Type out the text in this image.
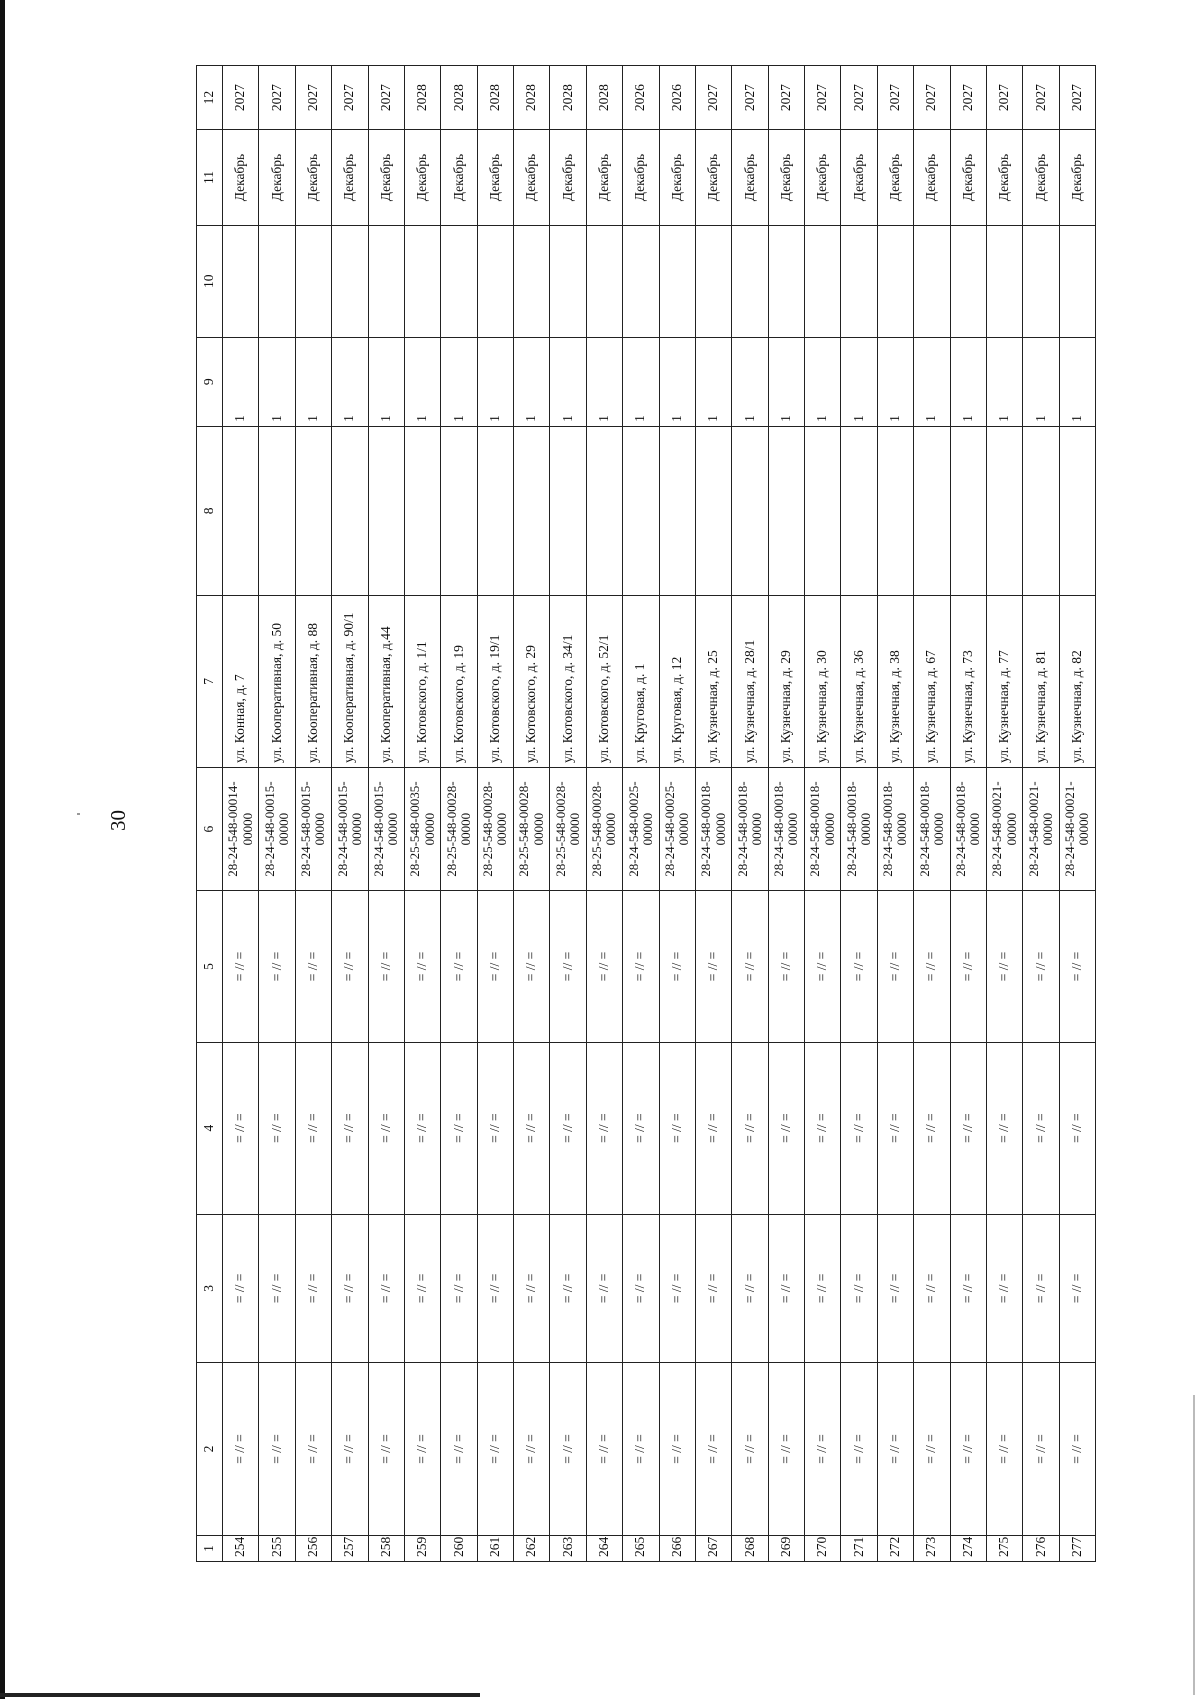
30
1	2	3	4	5	6	7	8	9	10	11	12
254	= // =	= // =	= // =	= // =	28-24-548-00014-00000	ул. Конная, д. 7		1		Декабрь	2027
255	= // =	= // =	= // =	= // =	28-24-548-00015-00000	ул. Кооперативная, д. 50		1		Декабрь	2027
256	= // =	= // =	= // =	= // =	28-24-548-00015-00000	ул. Кооперативная, д. 88		1		Декабрь	2027
257	= // =	= // =	= // =	= // =	28-24-548-00015-00000	ул. Кооперативная, д. 90/1		1		Декабрь	2027
258	= // =	= // =	= // =	= // =	28-24-548-00015-00000	ул. Кооперативная, д.44		1		Декабрь	2027
259	= // =	= // =	= // =	= // =	28-25-548-00035-00000	ул. Котовского, д. 1/1		1		Декабрь	2028
260	= // =	= // =	= // =	= // =	28-25-548-00028-00000	ул. Котовского, д. 19		1		Декабрь	2028
261	= // =	= // =	= // =	= // =	28-25-548-00028-00000	ул. Котовского, д. 19/1		1		Декабрь	2028
262	= // =	= // =	= // =	= // =	28-25-548-00028-00000	ул. Котовского, д. 29		1		Декабрь	2028
263	= // =	= // =	= // =	= // =	28-25-548-00028-00000	ул. Котовского, д. 34/1		1		Декабрь	2028
264	= // =	= // =	= // =	= // =	28-25-548-00028-00000	ул. Котовского, д. 52/1		1		Декабрь	2028
265	= // =	= // =	= // =	= // =	28-24-548-00025-00000	ул. Круговая, д. 1		1		Декабрь	2026
266	= // =	= // =	= // =	= // =	28-24-548-00025-00000	ул. Круговая, д. 12		1		Декабрь	2026
267	= // =	= // =	= // =	= // =	28-24-548-00018-00000	ул. Кузнечная, д. 25		1		Декабрь	2027
268	= // =	= // =	= // =	= // =	28-24-548-00018-00000	ул. Кузнечная, д. 28/1		1		Декабрь	2027
269	= // =	= // =	= // =	= // =	28-24-548-00018-00000	ул. Кузнечная, д. 29		1		Декабрь	2027
270	= // =	= // =	= // =	= // =	28-24-548-00018-00000	ул. Кузнечная, д. 30		1		Декабрь	2027
271	= // =	= // =	= // =	= // =	28-24-548-00018-00000	ул. Кузнечная, д. 36		1		Декабрь	2027
272	= // =	= // =	= // =	= // =	28-24-548-00018-00000	ул. Кузнечная, д. 38		1		Декабрь	2027
273	= // =	= // =	= // =	= // =	28-24-548-00018-00000	ул. Кузнечная, д. 67		1		Декабрь	2027
274	= // =	= // =	= // =	= // =	28-24-548-00018-00000	ул. Кузнечная, д. 73		1		Декабрь	2027
275	= // =	= // =	= // =	= // =	28-24-548-00021-00000	ул. Кузнечная, д. 77		1		Декабрь	2027
276	= // =	= // =	= // =	= // =	28-24-548-00021-00000	ул. Кузнечная, д. 81		1		Декабрь	2027
277	= // =	= // =	= // =	= // =	28-24-548-00021-00000	ул. Кузнечная, д. 82		1		Декабрь	2027
